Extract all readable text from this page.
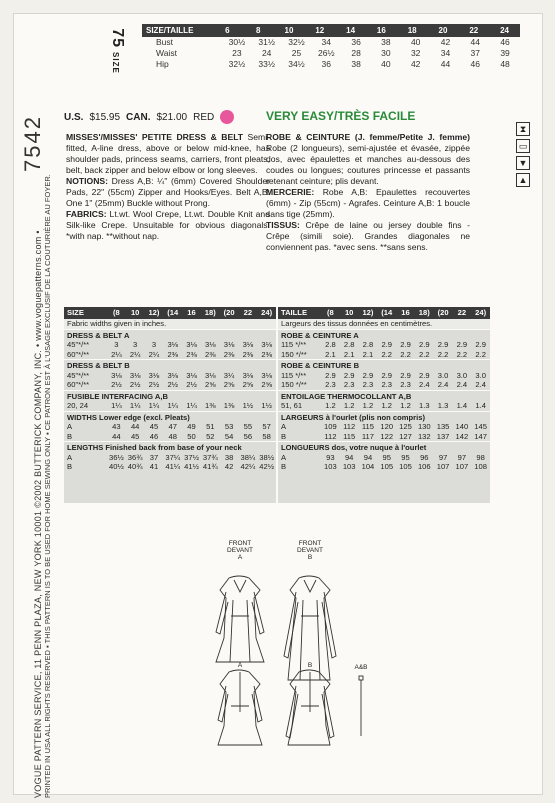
SIZE/TAILLE	6	8	10	12	14	16	18	20	22	24
Bust	30½	31½	32½	34	36	38	40	42	44	46
Waist	23	24	25	26½	28	30	32	34	37	39
Hip	32½	33½	34½	36	38	40	42	44	46	48
75SIZE
7542
VOGUE PATTERN SERVICE, 11 PENN PLAZA, NEW YORK 10001 ©2002 BUTTERICK COMPANY, INC. • www.voguepatterns.com • PRINTED IN USA ALL RIGHTS RESERVED ▪ THIS PATTERN IS TO BE USED FOR HOME SEWING ONLY ▪ CE PATRON EST À L'USAGE EXCLUSIF DE LA COUTURIÈRE AU FOYER.
U.S. $15.95 CAN. $21.00 RED	VERY EASY/TRÈS FACILE
⧗
▭
▼
▲
MISSES'/MISSES' PETITE DRESS & BELT Semi-fitted, A-line dress, above or below mid-knee, has shoulder pads, princess seams, carriers, front pleats, belt, back zipper and below elbow or long sleeves.
NOTIONS: Dress A,B: ¼" (6mm) Covered Shoulder Pads, 22" (55cm) Zipper and Hooks/Eyes. Belt A,B: One 1" (25mm) Buckle without Prong.
FABRICS: Lt.wt. Wool Crepe, Lt.wt. Double Knit and Silk-like Crepe. Unsuitable for obvious diagonals. *with nap. **without nap.
ROBE & CEINTURE (J. femme/Petite J. femme) Robe (2 longueurs), semi-ajustée et évasée, zippée dos, avec épaulettes et manches au-dessous des coudes ou longues; coutures princesse et passants retenant ceinture; plis devant.
MERCERIE: Robe A,B: Epaulettes recouvertes (6mm) - Zip (55cm) - Agrafes. Ceinture A,B: 1 boucle sans tige (25mm).
TISSUS: Crêpe de laine ou jersey double fins - Crêpe (simili soie). Grandes diagonales ne conviennent pas. *avec sens. **sans sens.
SIZE	(8	10	12)	(14	16	18)	(20	22	24)
Fabric widths given in inches.
DRESS & BELT A
45"*/**	3	3	3	3⅛	3⅛	3⅛	3⅛	3⅛	3⅛
60"*/**	2¼	2¼	2¼	2⅜	2⅜	2⅜	2⅜	2⅜	2⅜
DRESS & BELT B
45"*/**	3⅛	3⅛	3⅛	3⅛	3⅛	3⅛	3¼	3⅛	3⅛
60"*/**	2½	2½	2½	2½	2½	2⅝	2⅝	2⅝	2⅝
FUSIBLE INTERFACING A,B
20, 24	1¼	1¼	1¼	1¼	1¼	1⅜	1⅜	1½	1½
WIDTHS Lower edge (excl. Pleats)
A	43	44	45	47	49	51	53	55	57
B	44	45	46	48	50	52	54	56	58
LENGTHS Finished back from base of your neck
A	36½ 36¾ 37 37¼ 37½ 37¾ 38 38¼ 38½
B	40½ 40¾ 41 41¼ 41½ 41¾ 42 42¼ 42½
TAILLE	(8	10	12)	(14	16	18)	(20	22	24)
Largeurs des tissus données en centimètres.
ROBE & CEINTURE A
115 */**	2.8	2.8	2.8	2.9	2.9	2.9	2.9	2.9	2.9
150 */**	2.1	2.1	2.1	2.2	2.2	2.2	2.2	2.2	2.2
ROBE & CEINTURE B
115 */**	2.9	2.9	2.9	2.9	2.9	2.9	3.0	3.0	3.0
150 */**	2.3	2.3	2.3	2.3	2.3	2.4	2.4	2.4	2.4
ENTOILAGE THERMOCOLLANT A,B
51, 61	1.2	1.2	1.2	1.2	1.2	1.3	1.3	1.4	1.4
LARGEURS à l'ourlet (plis non compris)
A	109 112 115 120 125 130 135 140 145
B	112 115 117 122 127 132 137 142 147
LONGUEURS dos, votre nuque à l'ourlet
A	93	94	94	95	95	96	97	97	98
B	103 103 104 105 105 106 107 107 108
FRONT
DEVANT
A
FRONT
DEVANT
B
A	B	A&B
